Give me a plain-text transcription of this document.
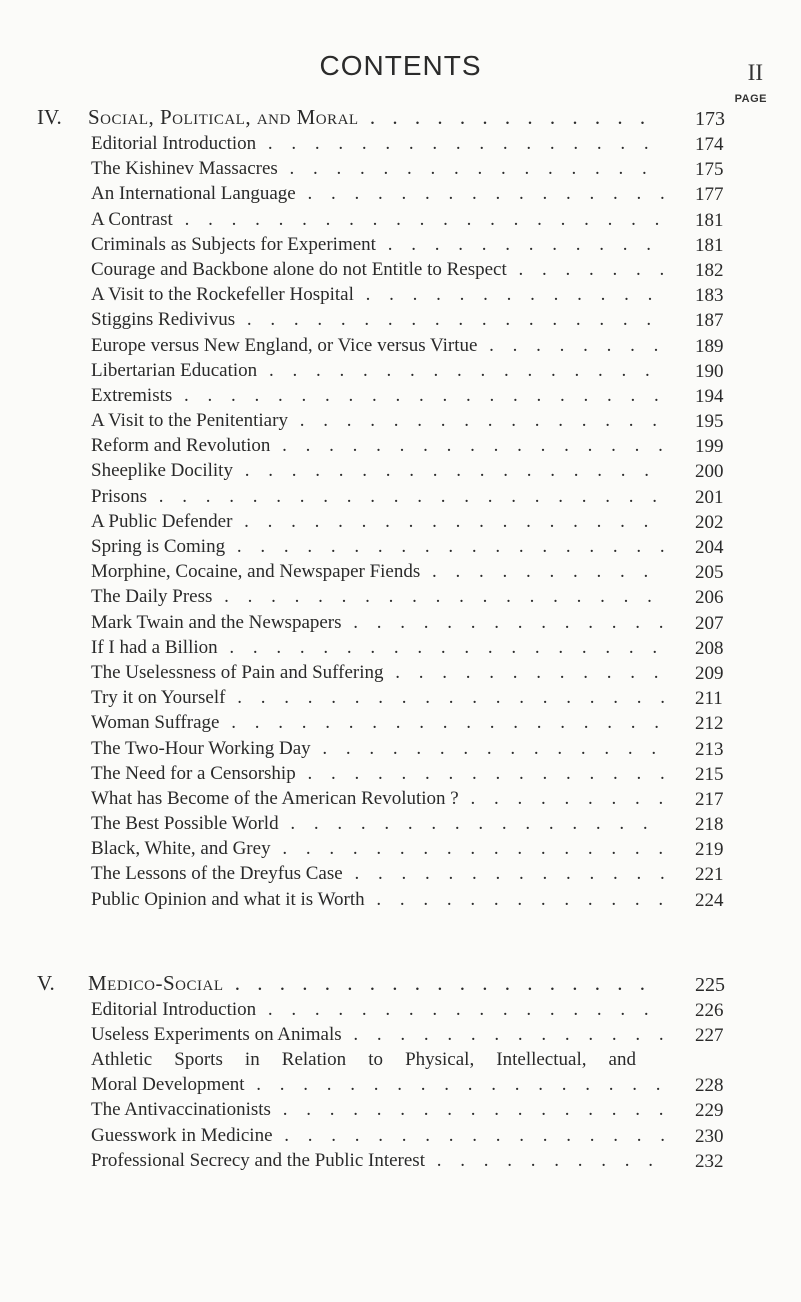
CONTENTS	II
PAGE
IV. Social, Political, and Moral . . .	173
Editorial Introduction . . .	174
The Kishinev Massacres . . .	175
An International Language . . .	177
A Contrast . . .	181
Criminals as Subjects for Experiment . . .	181
Courage and Backbone alone do not Entitle to Respect . . .	182
A Visit to the Rockefeller Hospital . . .	183
Stiggins Redivivus . . .	187
Europe versus New England, or Vice versus Virtue . . .	189
Libertarian Education . . .	190
Extremists . . .	194
A Visit to the Penitentiary . . .	195
Reform and Revolution . . .	199
Sheeplike Docility . . .	200
Prisons . . .	201
A Public Defender . . .	202
Spring is Coming . . .	204
Morphine, Cocaine, and Newspaper Fiends . . .	205
The Daily Press . . .	206
Mark Twain and the Newspapers . . .	207
If I had a Billion . . .	208
The Uselessness of Pain and Suffering . . .	209
Try it on Yourself . . .	211
Woman Suffrage . . .	212
The Two-Hour Working Day . . .	213
The Need for a Censorship . . .	215
What has Become of the American Revolution ? . . .	217
The Best Possible World . . .	218
Black, White, and Grey . . .	219
The Lessons of the Dreyfus Case . . .	221
Public Opinion and what it is Worth . . .	224
V. Medico-Social . . .	225
Editorial Introduction . . .	226
Useless Experiments on Animals . . .	227
Athletic Sports in Relation to Physical, Intellectual, and
Moral Development . . .	228
The Antivaccinationists . . .	229
Guesswork in Medicine . . .	230
Professional Secrecy and the Public Interest . . .	232
